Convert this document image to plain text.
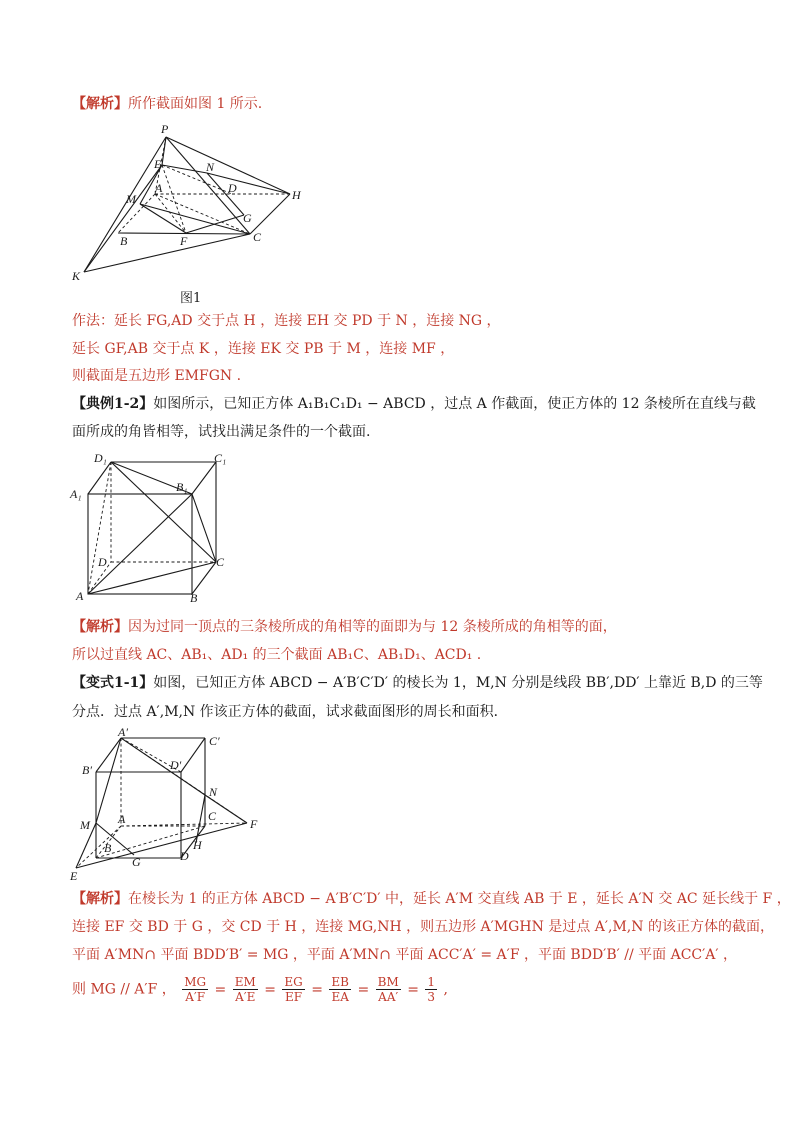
【解析】所作截面如图 1 所示.
P
E	N
A	D	H
M
G
B	F	C
K
图1
作法：延长 FG,AD 交于点 H ，连接 EH 交 PD 于 N ，连接 NG ，
延长 GF,AB 交于点 K ，连接 EK 交 PB 于 M ，连接 MF ，
则截面是五边形 EMFGN .
【典例1-2】如图所示，已知正方体 A₁B₁C₁D₁ − ABCD ，过点 A 作截面，使正方体的 12 条棱所在直线与截
面所成的角皆相等，试找出满足条件的一个截面.
D₁	C₁
A₁	B₁
D	C
A	B
【解析】因为过同一顶点的三条棱所成的角相等的面即为与 12 条棱所成的角相等的面，
所以过直线 AC、AB₁、AD₁ 的三个截面 AB₁C、AB₁D₁、ACD₁ .
【变式1-1】如图，已知正方体 ABCD − A′B′C′D′ 的棱长为 1，M,N 分别是线段 BB′,DD′ 上靠近 B,D 的三等
分点．过点 A′,M,N 作该正方体的截面，试求截面图形的周长和面积．
A′
C′
B′	D′
N
A	C
F
M
B	H
D
G
E
【解析】在棱长为 1 的正方体 ABCD − A′B′C′D′ 中，延长 A′M 交直线 AB 于 E ，延长 A′N 交 AC 延长线于 F ，
连接 EF 交 BD 于 G ，交 CD 于 H ，连接 MG,NH ，则五边形 A′MGHN 是过点 A′,M,N 的该正方体的截面，
平面 A′MN∩ 平面 BDD′B′ = MG ，平面 A′MN∩ 平面 ACC′A′ = A′F ，平面 BDD′B′ // 平面 ACC′A′ ，
则 MG // A′F ， $\frac{MG}{A'F} = \frac{EM}{A'E} = \frac{EG}{EF} = \frac{EB}{EA} = \frac{BM}{AA'} = \frac{1}{3}$ ,
